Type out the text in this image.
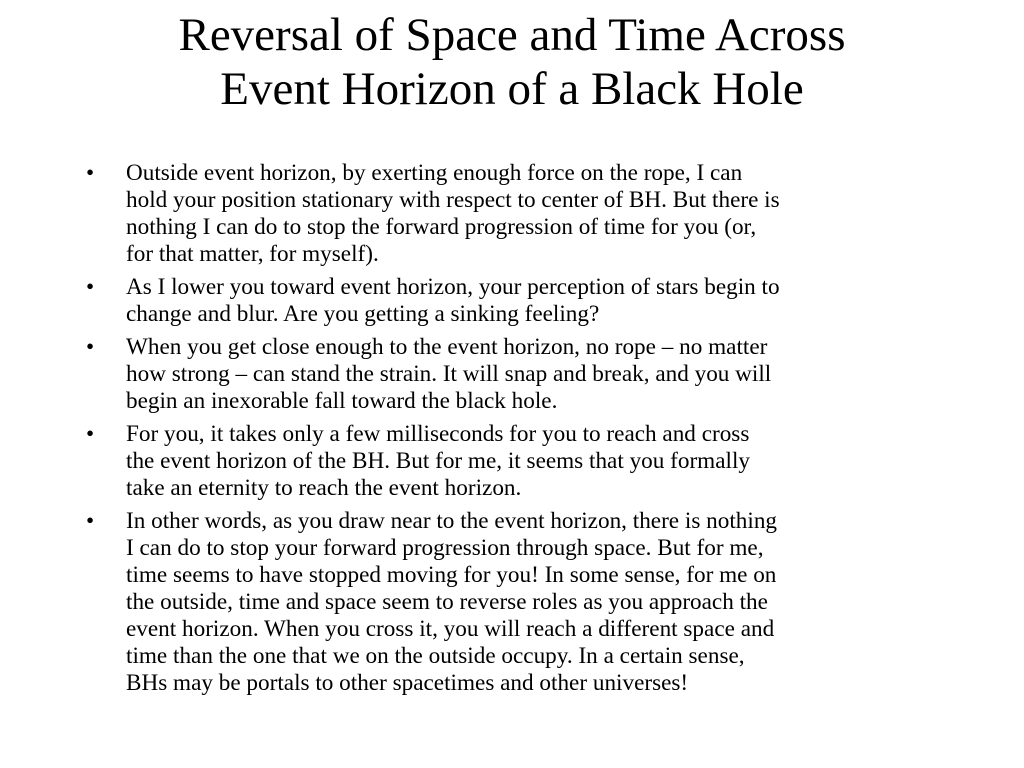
Reversal of Space and Time Across
Event Horizon of a Black Hole
• Outside event horizon, by exerting enough force on the rope, I can
hold your position stationary with respect to center of BH. But there is
nothing I can do to stop the forward progression of time for you (or,
for that matter, for myself).
• As I lower you toward event horizon, your perception of stars begin to
change and blur. Are you getting a sinking feeling?
• When you get close enough to the event horizon, no rope – no matter
how strong – can stand the strain. It will snap and break, and you will
begin an inexorable fall toward the black hole.
• For you, it takes only a few milliseconds for you to reach and cross
the event horizon of the BH. But for me, it seems that you formally
take an eternity to reach the event horizon.
• In other words, as you draw near to the event horizon, there is nothing
I can do to stop your forward progression through space. But for me,
time seems to have stopped moving for you! In some sense, for me on
the outside, time and space seem to reverse roles as you approach the
event horizon. When you cross it, you will reach a different space and
time than the one that we on the outside occupy. In a certain sense,
BHs may be portals to other spacetimes and other universes!
